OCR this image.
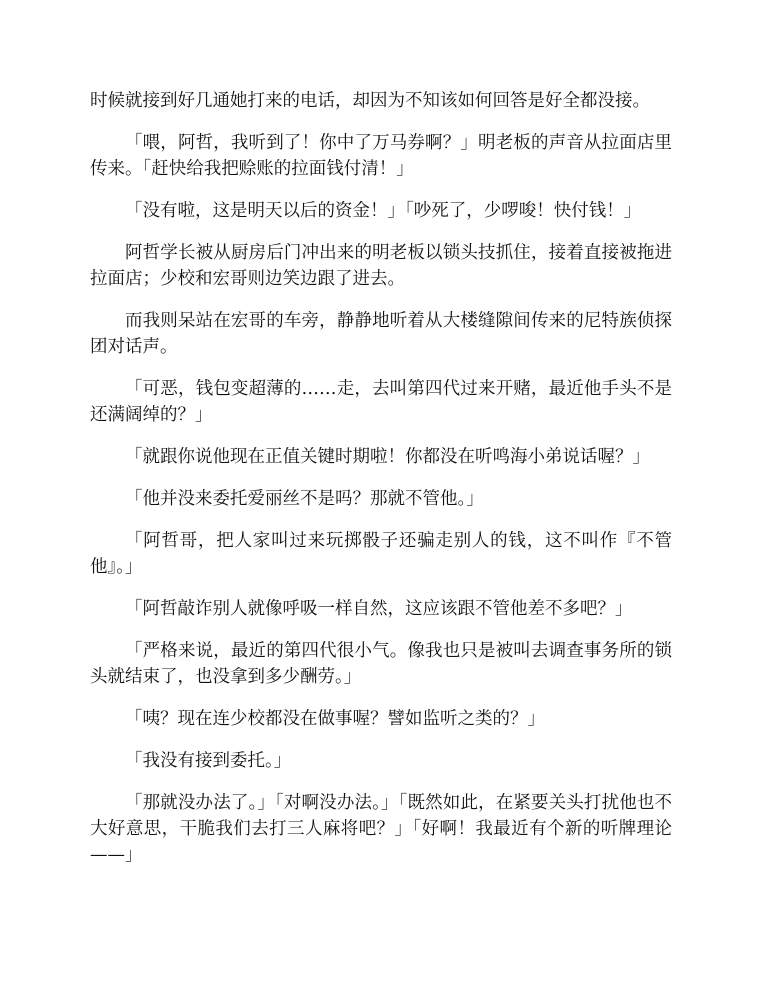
时候就接到好几通她打来的电话，却因为不知该如何回答是好全都没接。

「喂，阿哲，我听到了！你中了万马券啊？」明老板的声音从拉面店里传来。「赶快给我把赊账的拉面钱付清！」

「没有啦，这是明天以后的资金！」「吵死了，少啰唆！快付钱！」

阿哲学长被从厨房后门冲出来的明老板以锁头技抓住，接着直接被拖进拉面店；少校和宏哥则边笑边跟了进去。

而我则呆站在宏哥的车旁，静静地听着从大楼缝隙间传来的尼特族侦探团对话声。

「可恶，钱包变超薄的……走，去叫第四代过来开赌，最近他手头不是还满阔绰的？」

「就跟你说他现在正值关键时期啦！你都没在听鸣海小弟说话喔？」

「他并没来委托爱丽丝不是吗？那就不管他。」

「阿哲哥，把人家叫过来玩掷骰子还骗走别人的钱，这不叫作『不管他』。」

「阿哲敲诈别人就像呼吸一样自然，这应该跟不管他差不多吧？」

「严格来说，最近的第四代很小气。像我也只是被叫去调查事务所的锁头就结束了，也没拿到多少酬劳。」

「咦？现在连少校都没在做事喔？譬如监听之类的？」

「我没有接到委托。」

「那就没办法了。」「对啊没办法。」「既然如此，在紧要关头打扰他也不大好意思，干脆我们去打三人麻将吧？」「好啊！我最近有个新的听牌理论——」
